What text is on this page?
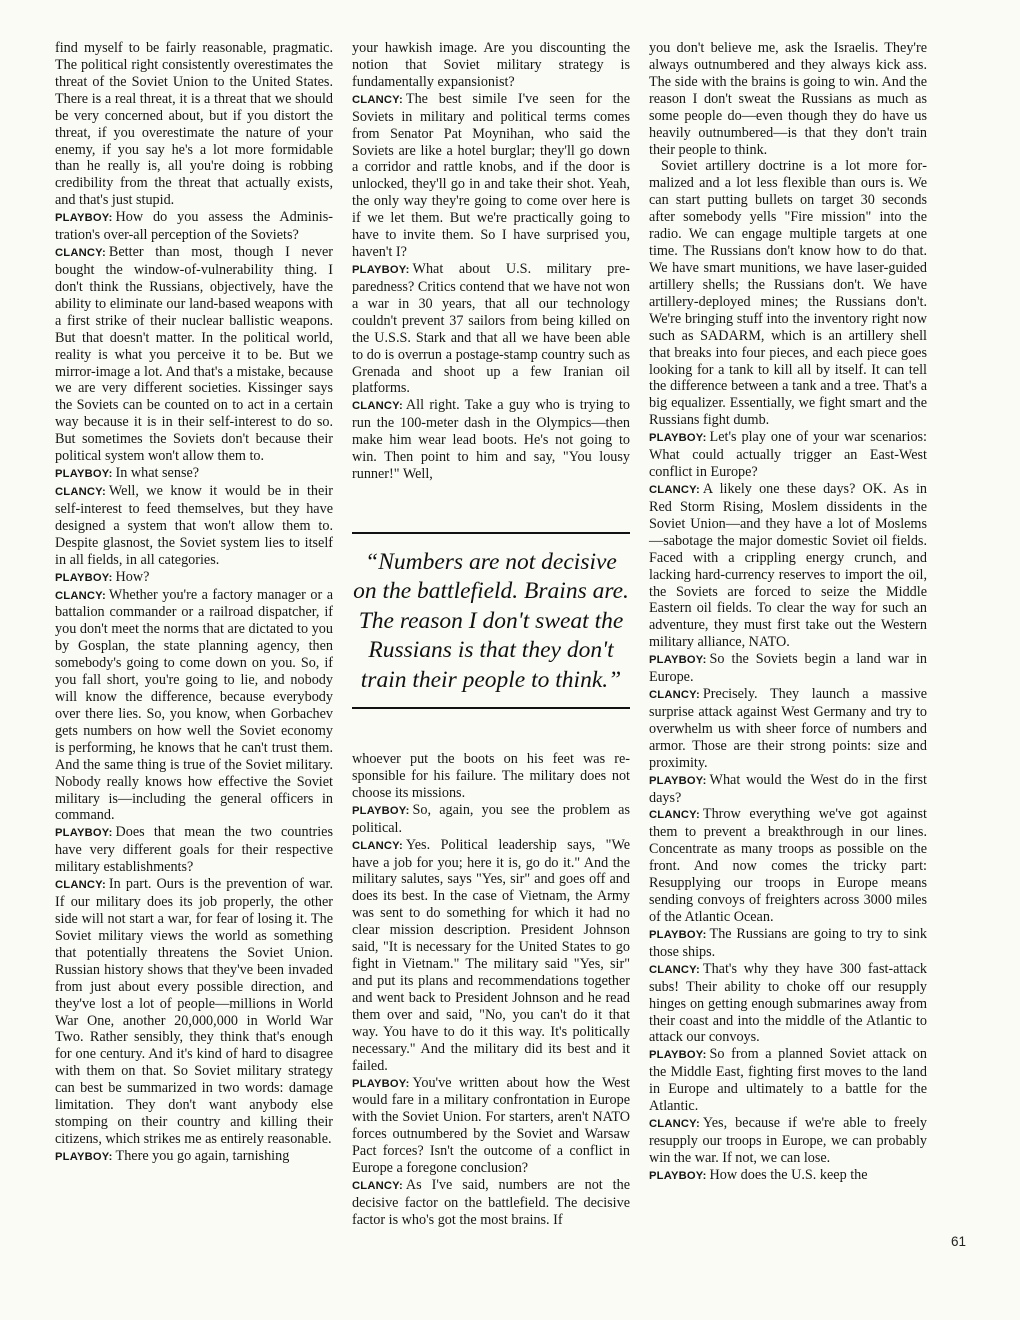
find myself to be fairly reasonable, pragmatic. The political right consistently overestimates the threat of the Soviet Union to the United States. There is a real threat, it is a threat that we should be very concerned about, but if you distort the threat, if you overestimate the nature of your enemy, if you say he's a lot more formidable than he really is, all you're doing is robbing credibility from the threat that actually exists, and that's just stupid.

PLAYBOY: How do you assess the Administration's over-all perception of the Soviets?

CLANCY: Better than most, though I never bought the window-of-vulnerability thing. I don't think the Russians, objectively, have the ability to eliminate our land-based weapons with a first strike of their nuclear ballistic weapons. But that doesn't matter. In the political world, reality is what you perceive it to be. But we mirror-image a lot. And that's a mistake, because we are very different societies. Kissinger says the Soviets can be counted on to act in a certain way because it is in their self-interest to do so. But sometimes the Soviets don't because their political system won't allow them to.

PLAYBOY: In what sense?

CLANCY: Well, we know it would be in their self-interest to feed themselves, but they have designed a system that won't allow them to. Despite glasnost, the Soviet system lies to itself in all fields, in all categories.

PLAYBOY: How?

CLANCY: Whether you're a factory manager or a battalion commander or a railroad dispatcher, if you don't meet the norms that are dictated to you by Gosplan, the state planning agency, then somebody's going to come down on you. So, if you fall short, you're going to lie, and nobody will know the difference, because everybody over there lies. So, you know, when Gorbachev gets numbers on how well the Soviet economy is performing, he knows that he can't trust them. And the same thing is true of the Soviet military. Nobody really knows how effective the Soviet military is—including the general officers in command.

PLAYBOY: Does that mean the two countries have very different goals for their respective military establishments?

CLANCY: In part. Ours is the prevention of war. If our military does its job properly, the other side will not start a war, for fear of losing it. The Soviet military views the world as something that potentially threatens the Soviet Union. Russian history shows that they've been invaded from just about every possible direction, and they've lost a lot of people—millions in World War One, another 20,000,000 in World War Two. Rather sensibly, they think that's enough for one century. And it's kind of hard to disagree with them on that. So Soviet military strategy can best be summarized in two words: damage limitation. They don't want anybody else stomping on their country and killing their citizens, which strikes me as entirely reasonable.

PLAYBOY: There you go again, tarnishing

your hawkish image. Are you discounting the notion that Soviet military strategy is fundamentally expansionist?

CLANCY: The best simile I've seen for the Soviets in military and political terms comes from Senator Pat Moynihan, who said the Soviets are like a hotel burglar; they'll go down a corridor and rattle knobs, and if the door is unlocked, they'll go in and take their shot. Yeah, the only way they're going to come over here is if we let them. But we're practically going to have to invite them. So I have surprised you, haven't I?

PLAYBOY: What about U.S. military preparedness? Critics contend that we have not won a war in 30 years, that all our technology couldn't prevent 37 sailors from being killed on the U.S.S. Stark and that all we have been able to do is overrun a postage-stamp country such as Grenada and shoot up a few Iranian oil platforms.

CLANCY: All right. Take a guy who is trying to run the 100-meter dash in the Olympics—then make him wear lead boots. He's not going to win. Then point to him and say, "You lousy runner!" Well,

“Numbers are not decisive on the battlefield. Brains are. The reason I don't sweat the Russians is that they don't train their people to think.”

whoever put the boots on his feet was responsible for his failure. The military does not choose its missions.

PLAYBOY: So, again, you see the problem as political.

CLANCY: Yes. Political leadership says, "We have a job for you; here it is, go do it." And the military salutes, says "Yes, sir" and goes off and does its best. In the case of Vietnam, the Army was sent to do something for which it had no clear mission description. President Johnson said, "It is necessary for the United States to go fight in Vietnam." The military said "Yes, sir" and put its plans and recommendations together and went back to President Johnson and he read them over and said, "No, you can't do it that way. You have to do it this way. It's politically necessary." And the military did its best and it failed.

PLAYBOY: You've written about how the West would fare in a military confrontation in Europe with the Soviet Union. For starters, aren't NATO forces outnumbered by the Soviet and Warsaw Pact forces? Isn't the outcome of a conflict in Europe a foregone conclusion?

CLANCY: As I've said, numbers are not the decisive factor on the battlefield. The decisive factor is who's got the most brains. If

you don't believe me, ask the Israelis. They're always outnumbered and they always kick ass. The side with the brains is going to win. And the reason I don't sweat the Russians as much as some people do—even though they do have us heavily outnumbered—is that they don't train their people to think.

Soviet artillery doctrine is a lot more formalized and a lot less flexible than ours is. We can start putting bullets on target 30 seconds after somebody yells "Fire mission" into the radio. We can engage multiple targets at one time. The Russians don't know how to do that. We have smart munitions, we have laser-guided artillery shells; the Russians don't. We have artillery-deployed mines; the Russians don't. We're bringing stuff into the inventory right now such as SADARM, which is an artillery shell that breaks into four pieces, and each piece goes looking for a tank to kill all by itself. It can tell the difference between a tank and a tree. That's a big equalizer. Essentially, we fight smart and the Russians fight dumb.

PLAYBOY: Let's play one of your war scenarios: What could actually trigger an East-West conflict in Europe?

CLANCY: A likely one these days? OK. As in Red Storm Rising, Moslem dissidents in the Soviet Union—and they have a lot of Moslems—sabotage the major domestic Soviet oil fields. Faced with a crippling energy crunch, and lacking hard-currency reserves to import the oil, the Soviets are forced to seize the Middle Eastern oil fields. To clear the way for such an adventure, they must first take out the Western military alliance, NATO.

PLAYBOY: So the Soviets begin a land war in Europe.

CLANCY: Precisely. They launch a massive surprise attack against West Germany and try to overwhelm us with sheer force of numbers and armor. Those are their strong points: size and proximity.

PLAYBOY: What would the West do in the first days?

CLANCY: Throw everything we've got against them to prevent a breakthrough in our lines. Concentrate as many troops as possible on the front. And now comes the tricky part: Resupplying our troops in Europe means sending convoys of freighters across 3000 miles of the Atlantic Ocean.

PLAYBOY: The Russians are going to try to sink those ships.

CLANCY: That's why they have 300 fast-attack subs! Their ability to choke off our resupply hinges on getting enough submarines away from their coast and into the middle of the Atlantic to attack our convoys.

PLAYBOY: So from a planned Soviet attack on the Middle East, fighting first moves to the land in Europe and ultimately to a battle for the Atlantic.

CLANCY: Yes, because if we're able to freely resupply our troops in Europe, we can probably win the war. If not, we can lose.

PLAYBOY: How does the U.S. keep the

61
